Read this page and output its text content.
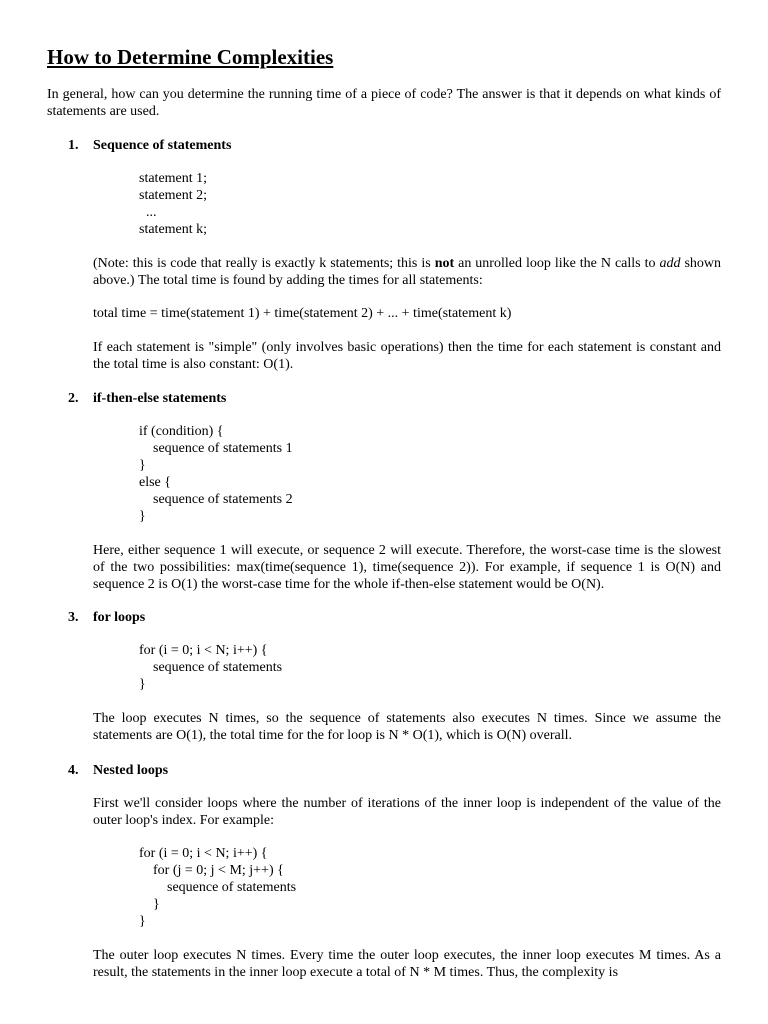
How to Determine Complexities

In general, how can you determine the running time of a piece of code? The answer is that it depends on what kinds of statements are used.

1. Sequence of statements
statement 1;
statement 2;
...
statement k;

(Note: this is code that really is exactly k statements; this is not an unrolled loop like the N calls to add shown above.) The total time is found by adding the times for all statements:

total time = time(statement 1) + time(statement 2) + ... + time(statement k)

If each statement is "simple" (only involves basic operations) then the time for each statement is constant and the total time is also constant: O(1).

2. if-then-else statements
if (condition) {
sequence of statements 1
}
else {
sequence of statements 2
}

Here, either sequence 1 will execute, or sequence 2 will execute. Therefore, the worst-case time is the slowest of the two possibilities: max(time(sequence 1), time(sequence 2)). For example, if sequence 1 is O(N) and sequence 2 is O(1) the worst-case time for the whole if-then-else statement would be O(N).

3. for loops
for (i = 0; i < N; i++) {
sequence of statements
}

The loop executes N times, so the sequence of statements also executes N times. Since we assume the statements are O(1), the total time for the for loop is N * O(1), which is O(N) overall.

4. Nested loops

First we'll consider loops where the number of iterations of the inner loop is independent of the value of the outer loop's index. For example:

for (i = 0; i < N; i++) {
for (j = 0; j < M; j++) {
sequence of statements
}
}

The outer loop executes N times. Every time the outer loop executes, the inner loop executes M times. As a result, the statements in the inner loop execute a total of N * M times. Thus, the complexity is
